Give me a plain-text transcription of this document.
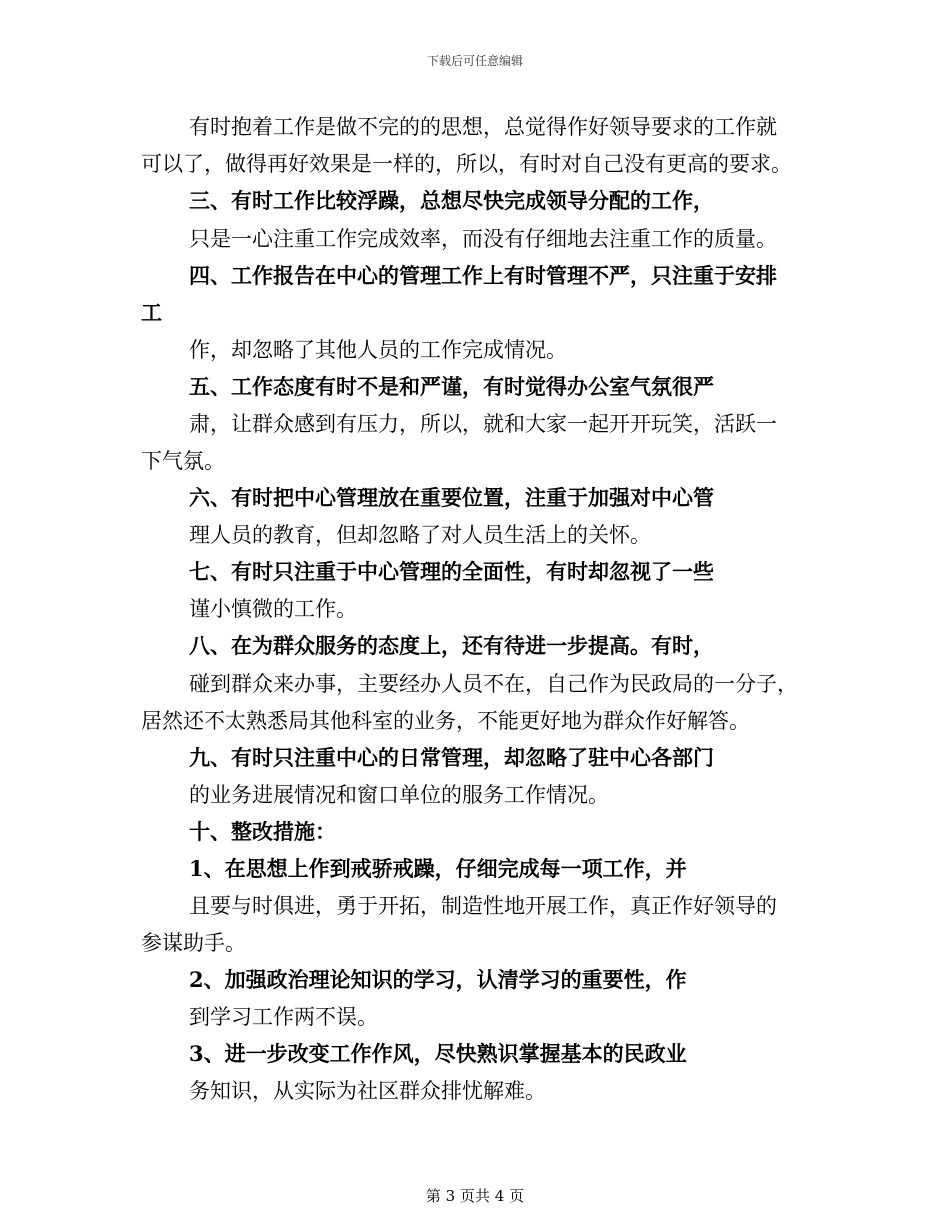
下载后可任意编辑
有时抱着工作是做不完的的思想，总觉得作好领导要求的工作就
可以了，做得再好效果是一样的，所以，有时对自己没有更高的要求。
三、有时工作比较浮躁，总想尽快完成领导分配的工作，
只是一心注重工作完成效率，而没有仔细地去注重工作的质量。
四、工作报告在中心的管理工作上有时管理不严，只注重于安排
工
作，却忽略了其他人员的工作完成情况。
五、工作态度有时不是和严谨，有时觉得办公室气氛很严
肃，让群众感到有压力，所以，就和大家一起开开玩笑，活跃一
下气氛。
六、有时把中心管理放在重要位置，注重于加强对中心管
理人员的教育，但却忽略了对人员生活上的关怀。
七、有时只注重于中心管理的全面性，有时却忽视了一些
谨小慎微的工作。
八、在为群众服务的态度上，还有待进一步提高。有时，
碰到群众来办事，主要经办人员不在，自己作为民政局的一分子，
居然还不太熟悉局其他科室的业务，不能更好地为群众作好解答。
九、有时只注重中心的日常管理，却忽略了驻中心各部门
的业务进展情况和窗口单位的服务工作情况。
十、整改措施：
1、在思想上作到戒骄戒躁，仔细完成每一项工作，并
且要与时俱进，勇于开拓，制造性地开展工作，真正作好领导的
参谋助手。
2、加强政治理论知识的学习，认清学习的重要性，作
到学习工作两不误。
3、进一步改变工作作风，尽快熟识掌握基本的民政业
务知识，从实际为社区群众排忧解难。
第 3 页共 4 页
